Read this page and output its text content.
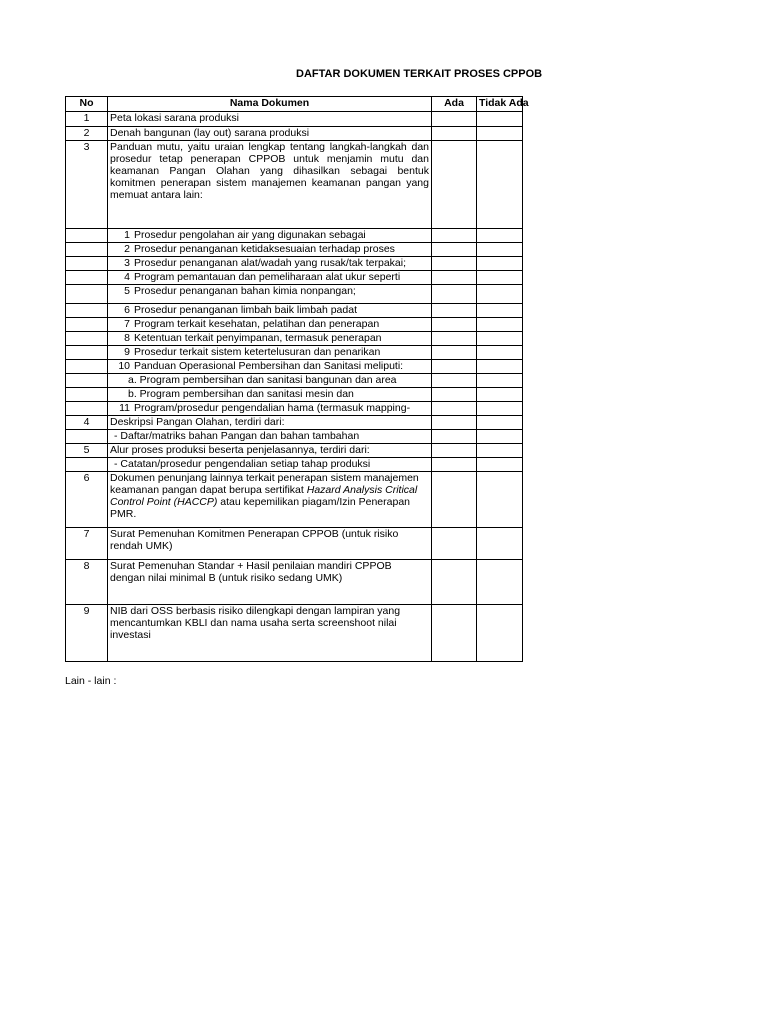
DAFTAR DOKUMEN TERKAIT PROSES CPPOB
No	Nama Dokumen	Ada	Tidak Ada

1	Peta lokasi sarana produksi		
2	Denah bangunan (lay out) sarana produksi		
3	Panduan mutu, yaitu uraian lengkap tentang langkah-langkah dan prosedur tetap penerapan CPPOB untuk menjamin mutu dan keamanan Pangan Olahan yang dihasilkan sebagai bentuk komitmen penerapan sistem manajemen keamanan pangan yang memuat antara lain:		
	1 Prosedur pengolahan air yang digunakan sebagai		
	2 Prosedur penanganan ketidaksesuaian terhadap proses		
	3 Prosedur penanganan alat/wadah yang rusak/tak terpakai;		
	4 Program pemantauan dan pemeliharaan alat ukur seperti		
	5 Prosedur penanganan bahan kimia nonpangan;		
	6 Prosedur penanganan limbah baik limbah padat		
	7 Program terkait kesehatan, pelatihan dan penerapan		
	8 Ketentuan terkait penyimpanan, termasuk penerapan		
	9 Prosedur terkait sistem ketertelusuran dan penarikan		
	10 Panduan Operasional Pembersihan dan Sanitasi meliputi:		
	a. Program pembersihan dan sanitasi bangunan dan area		
	b. Program pembersihan dan sanitasi mesin dan		
	11 Program/prosedur pengendalian hama (termasuk mapping-		
4	Deskripsi Pangan Olahan, terdiri dari:		
	- Daftar/matriks bahan Pangan dan bahan tambahan		
5	Alur proses produksi beserta penjelasannya, terdiri dari:		
	- Catatan/prosedur pengendalian setiap tahap produksi		
6	Dokumen penunjang lainnya terkait penerapan sistem manajemen keamanan pangan dapat berupa sertifikat Hazard Analysis Critical Control Point (HACCP) atau kepemilikan piagam/Izin Penerapan PMR.		
7	Surat Pemenuhan Komitmen Penerapan CPPOB (untuk risiko rendah UMK)		
8	Surat Pemenuhan Standar + Hasil penilaian mandiri CPPOB dengan nilai minimal B (untuk risiko sedang UMK)		
9	NIB dari OSS berbasis risiko dilengkapi dengan lampiran yang mencantumkan KBLI dan nama usaha serta screenshoot nilai investasi		
Lain - lain :
